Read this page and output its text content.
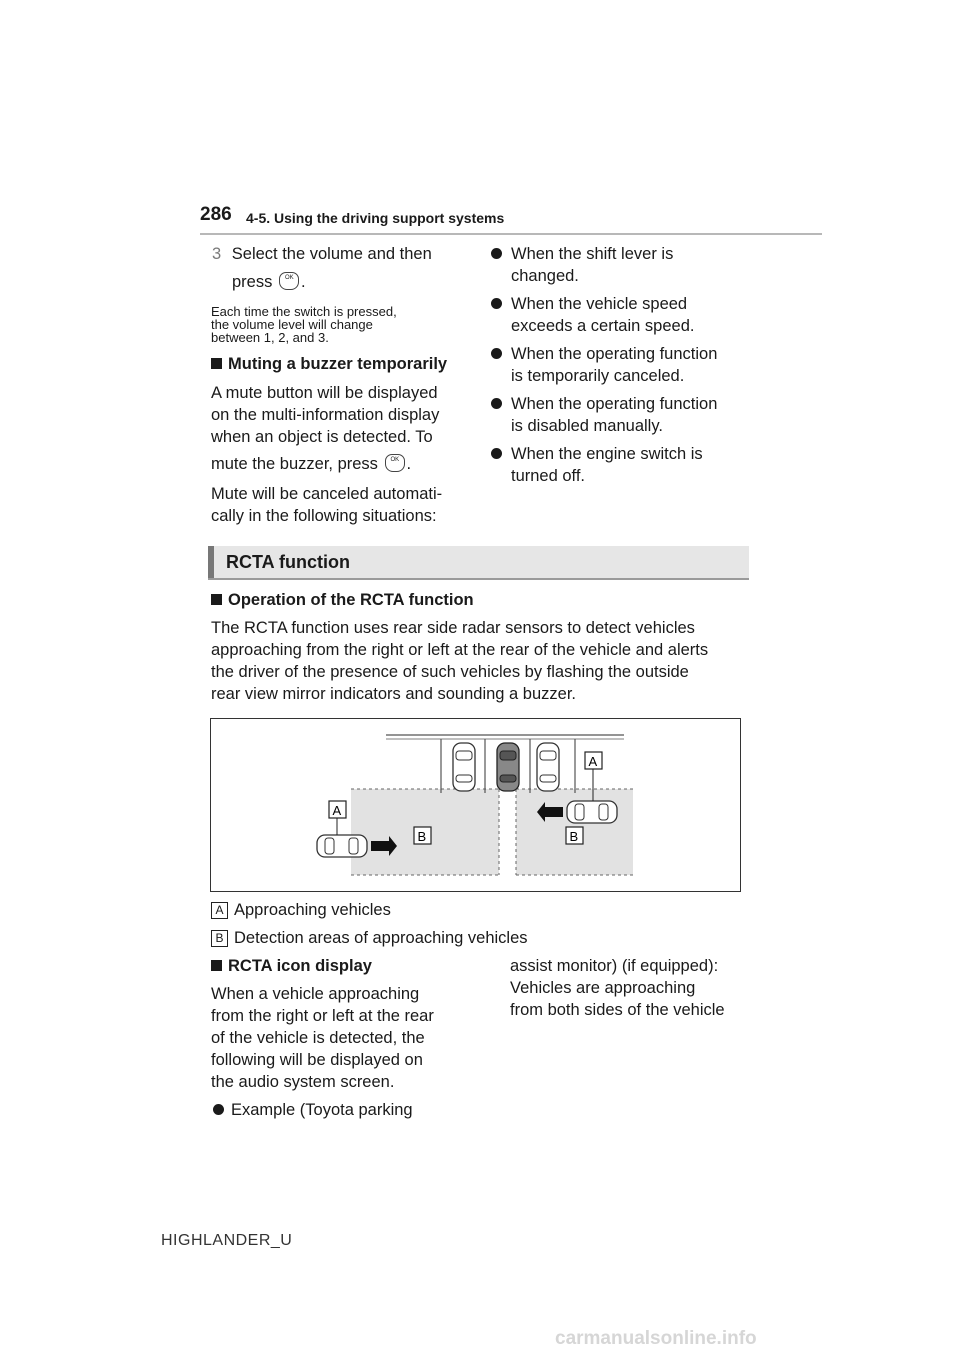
286 4-5. Using the driving support systems
3 Select the volume and then
press OK .
Each time the switch is pressed,
the volume level will change
between 1, 2, and 3.
Muting a buzzer temporarily
A mute button will be displayed
on the multi-information display
when an object is detected. To
mute the buzzer, press OK .
Mute will be canceled automati-
cally in the following situations:
When the shift lever is
changed.
When the vehicle speed
exceeds a certain speed.
When the operating function
is temporarily canceled.
When the operating function
is disabled manually.
When the engine switch is
turned off.
RCTA function
Operation of the RCTA function
The RCTA function uses rear side radar sensors to detect vehicles
approaching from the right or left at the rear of the vehicle and alerts
the driver of the presence of such vehicles by flashing the outside
rear view mirror indicators and sounding a buzzer.
A
A
B	B
A Approaching vehicles
B Detection areas of approaching vehicles
RCTA icon display
When a vehicle approaching
from the right or left at the rear
of the vehicle is detected, the
following will be displayed on
the audio system screen.
Example (Toyota parking
assist monitor) (if equipped):
Vehicles are approaching
from both sides of the vehicle
HIGHLANDER_U
carmanualsonline.info
